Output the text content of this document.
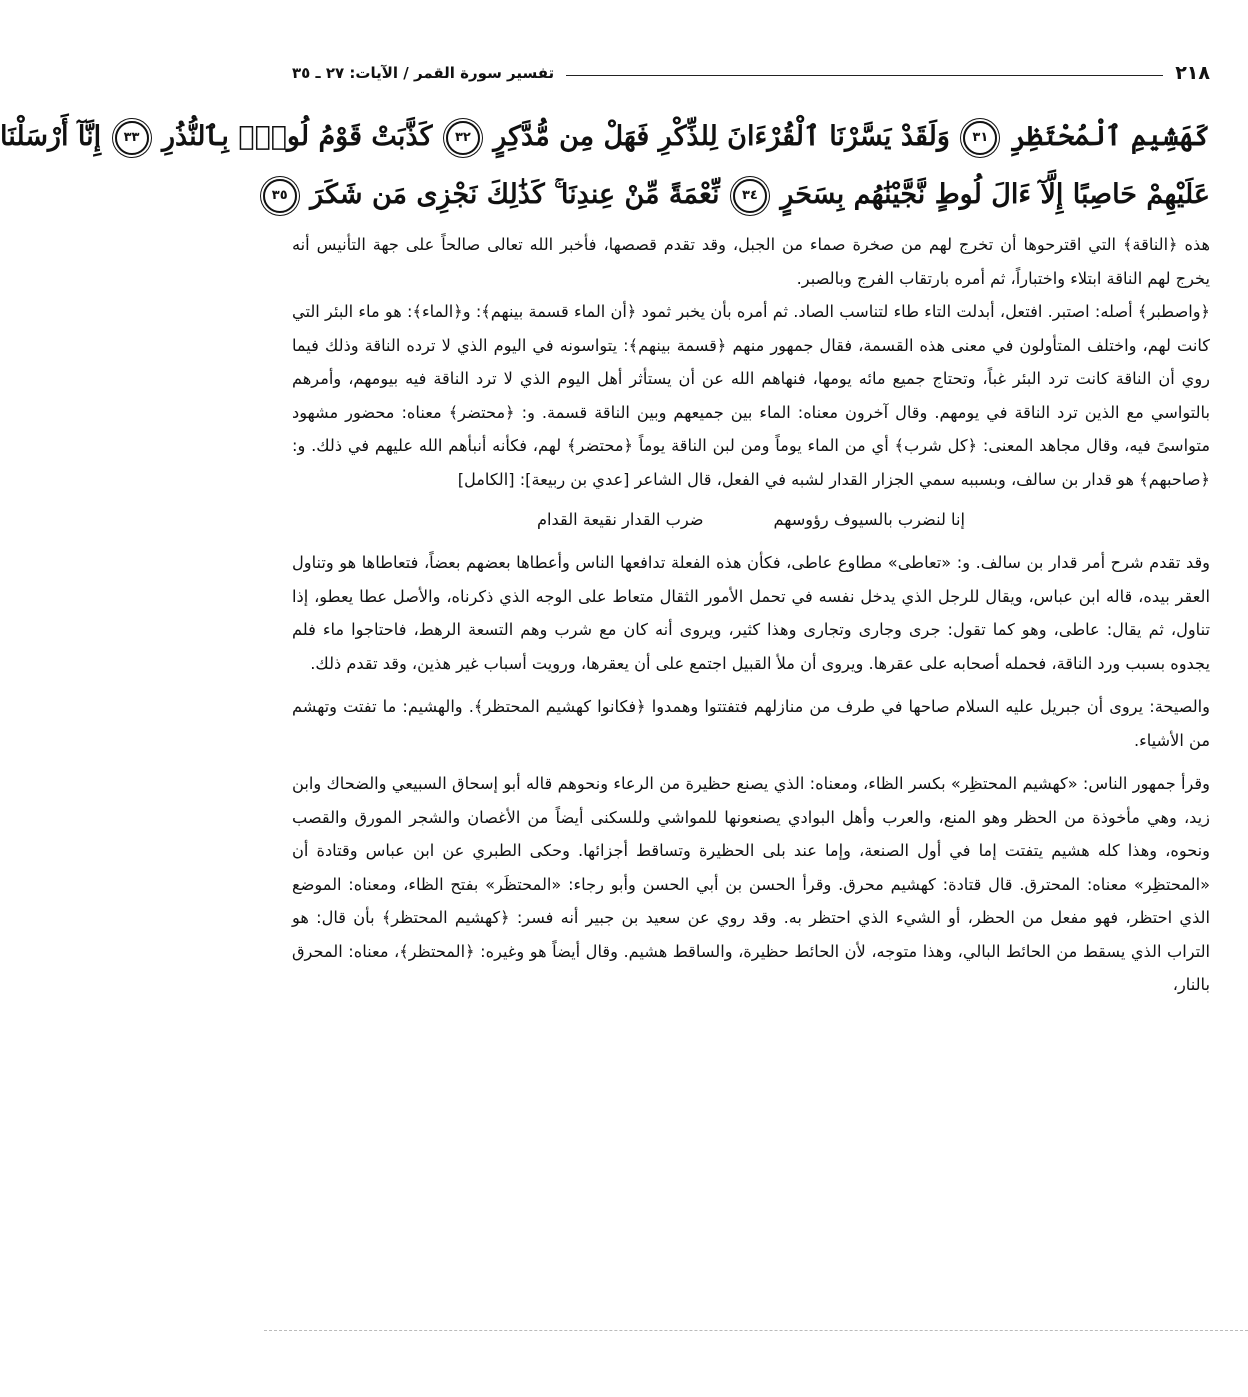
٢١٨
تفسير سورة القمر / الآيات: ٢٧ ـ ٣٥
كَهَشِيمِ ٱلْمُحْتَظِرِ ٣١ وَلَقَدْ يَسَّرْنَا ٱلْقُرْءَانَ لِلذِّكْرِ فَهَلْ مِن مُّدَّكِرٍ ٣٢ كَذَّبَتْ قَوْمُ لُوطٍۭ بِٱلنُّذُرِ ٣٣ إِنَّآ أَرْسَلْنَا
عَلَيْهِمْ حَاصِبًا إِلَّآ ءَالَ لُوطٍ نَّجَّيْنَٰهُم بِسَحَرٍ ٣٤ نِّعْمَةً مِّنْ عِندِنَا ۚ كَذَٰلِكَ نَجْزِى مَن شَكَرَ ٣٥

هذه ﴿الناقة﴾ التي اقترحوها أن تخرج لهم من صخرة صماء من الجبل، وقد تقدم قصصها، فأخبر الله تعالى صالحاً على جهة التأنيس أنه يخرج لهم الناقة ابتلاء واختباراً، ثم أمره بارتقاب الفرج وبالصبر.

﴿واصطبر﴾ أصله: اصتبر. افتعل، أبدلت التاء طاء لتناسب الصاد. ثم أمره بأن يخبر ثمود ﴿أن الماء قسمة بينهم﴾: و﴿الماء﴾: هو ماء البئر التي كانت لهم، واختلف المتأولون في معنى هذه القسمة، فقال جمهور منهم ﴿قسمة بينهم﴾: يتواسونه في اليوم الذي لا ترده الناقة وذلك فيما روي أن الناقة كانت ترد البئر غباً، وتحتاج جميع مائه يومها، فنهاهم الله عن أن يستأثر أهل اليوم الذي لا ترد الناقة فيه بيومهم، وأمرهم بالتواسي مع الذين ترد الناقة في يومهم. وقال آخرون معناه: الماء بين جميعهم وبين الناقة قسمة. و: ﴿محتضر﴾ معناه: محضور مشهود متواسىً فيه، وقال مجاهد المعنى: ﴿كل شرب﴾ أي من الماء يوماً ومن لبن الناقة يوماً ﴿محتضر﴾ لهم، فكأنه أنبأهم الله عليهم في ذلك. و: ﴿صاحبهم﴾ هو قدار بن سالف، وبسببه سمي الجزار القدار لشبه في الفعل، قال الشاعر [عدي بن ربيعة]: [الكامل]

إنا لنضرب بالسيوف رؤوسهم
ضرب القدار نقيعة القدام

وقد تقدم شرح أمر قدار بن سالف. و: «تعاطى» مطاوع عاطى، فكأن هذه الفعلة تدافعها الناس وأعطاها بعضهم بعضاً، فتعاطاها هو وتناول العقر بيده، قاله ابن عباس، ويقال للرجل الذي يدخل نفسه في تحمل الأمور الثقال متعاط على الوجه الذي ذكرناه، والأصل عطا يعطو، إذا تناول، ثم يقال: عاطى، وهو كما تقول: جرى وجارى وتجارى وهذا كثير، ويروى أنه كان مع شرب وهم التسعة الرهط، فاحتاجوا ماء فلم يجدوه بسبب ورد الناقة، فحمله أصحابه على عقرها. ويروى أن ملأ القبيل اجتمع على أن يعقرها، ورويت أسباب غير هذين، وقد تقدم ذلك.

والصيحة: يروى أن جبريل عليه السلام صاحها في طرف من منازلهم فتفتتوا وهمدوا ﴿فكانوا كهشيم المحتظر﴾. والهشيم: ما تفتت وتهشم من الأشياء.

وقرأ جمهور الناس: «كهشيم المحتظِر» بكسر الظاء، ومعناه: الذي يصنع حظيرة من الرعاء ونحوهم قاله أبو إسحاق السبيعي والضحاك وابن زيد، وهي مأخوذة من الحظر وهو المنع، والعرب وأهل البوادي يصنعونها للمواشي وللسكنى أيضاً من الأغصان والشجر المورق والقصب ونحوه، وهذا كله هشيم يتفتت إما في أول الصنعة، وإما عند بلى الحظيرة وتساقط أجزائها. وحكى الطبري عن ابن عباس وقتادة أن «المحتظِر» معناه: المحترق. قال قتادة: كهشيم محرق. وقرأ الحسن بن أبي الحسن وأبو رجاء: «المحتظَر» بفتح الظاء، ومعناه: الموضع الذي احتظر، فهو مفعل من الحظر، أو الشيء الذي احتظر به. وقد روي عن سعيد بن جبير أنه فسر: ﴿كهشيم المحتظر﴾ بأن قال: هو التراب الذي يسقط من الحائط البالي، وهذا متوجه، لأن الحائط حظيرة، والساقط هشيم. وقال أيضاً هو وغيره: ﴿المحتظر﴾، معناه: المحرق بالنار،
